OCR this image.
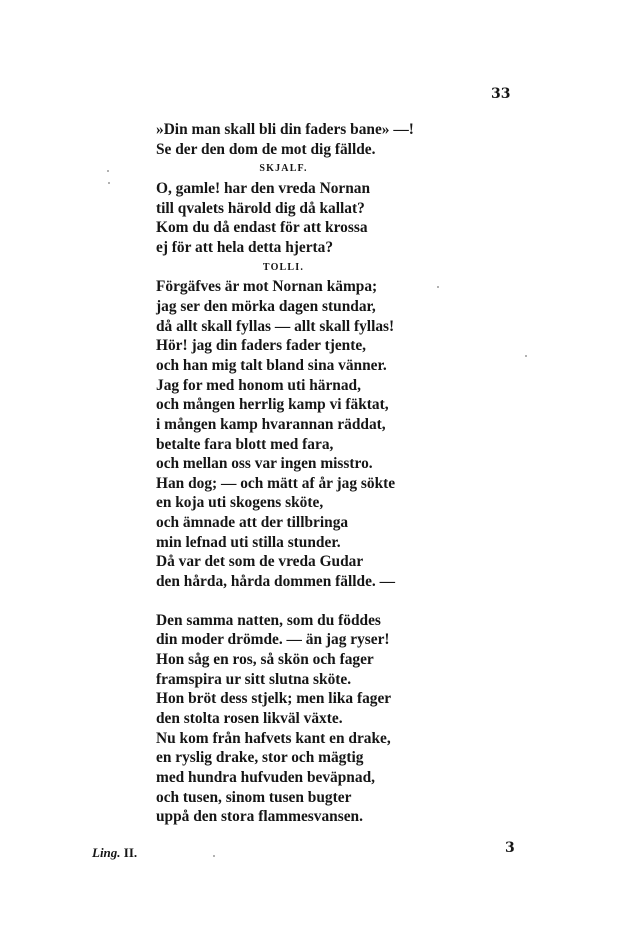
33
»Din man skall bli din faders bane» —!
Se der den dom de mot dig fällde.
SKJALF.
O, gamle! har den vreda Nornan
till qvalets härold dig då kallat?
Kom du då endast för att krossa
ej för att hela detta hjerta?
TOLLI.
Förgäfves är mot Nornan kämpa;
jag ser den mörka dagen stundar,
då allt skall fyllas — allt skall fyllas!
Hör! jag din faders fader tjente,
och han mig talt bland sina vänner.
Jag for med honom uti härnad,
och mången herrlig kamp vi fäktat,
i mången kamp hvarannan räddat,
betalte fara blott med fara,
och mellan oss var ingen misstro.
Han dog; — och mätt af år jag sökte
en koja uti skogens sköte,
och ämnade att der tillbringa
min lefnad uti stilla stunder.
Då var det som de vreda Gudar
den hårda, hårda dommen fällde. —
Den samma natten, som du föddes
din moder drömde. — än jag ryser!
Hon såg en ros, så skön och fager
framspira ur sitt slutna sköte.
Hon bröt dess stjelk; men lika fager
den stolta rosen likväl växte.
Nu kom från hafvets kant en drake,
en ryslig drake, stor och mägtig
med hundra hufvuden beväpnad,
och tusen, sinom tusen bugter
uppå den stora flammesvansen.
Ling. II.	3
